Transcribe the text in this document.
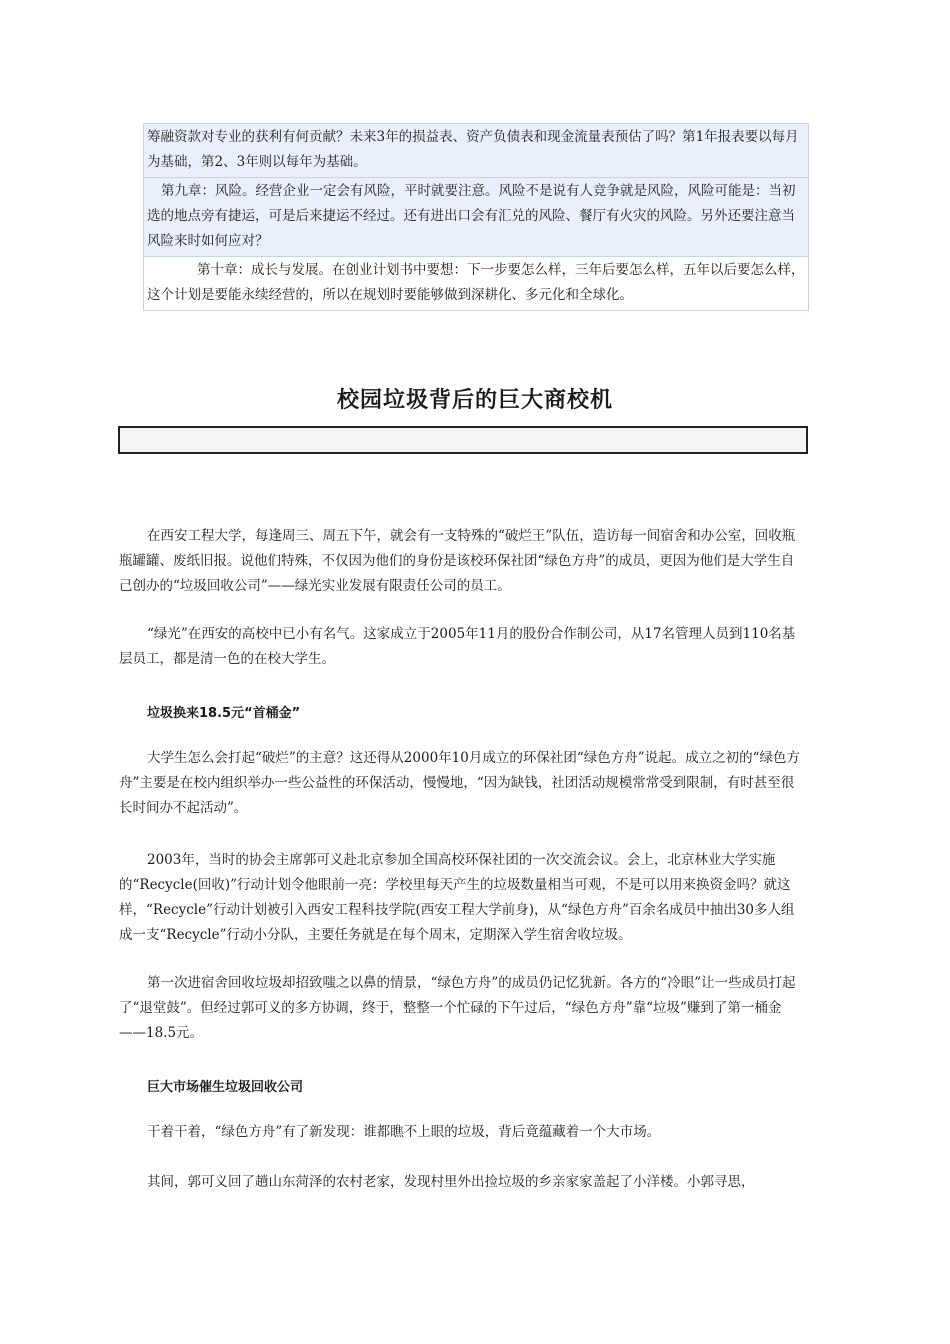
筹融资款对专业的获利有何贡献？未来3年的损益表、资产负债表和现金流量表预估了吗？第1年报表要以每月为基础，第2、3年则以每年为基础。
第九章：风险。经营企业一定会有风险，平时就要注意。风险不是说有人竞争就是风险，风险可能是：当初选的地点旁有捷运，可是后来捷运不经过。还有进出口会有汇兑的风险、餐厅有火灾的风险。另外还要注意当风险来时如何应对？
第十章：成长与发展。在创业计划书中要想：下一步要怎么样，三年后要怎么样，五年以后要怎么样，这个计划是要能永续经营的，所以在规划时要能够做到深耕化、多元化和全球化。
校园垃圾背后的巨大商校机

在西安工程大学，每逢周三、周五下午，就会有一支特殊的“破烂王”队伍，造访每一间宿舍和办公室，回收瓶瓶罐罐、废纸旧报。说他们特殊，不仅因为他们的身份是该校环保社团“绿色方舟”的成员，更因为他们是大学生自己创办的“垃圾回收公司”——绿光实业发展有限责任公司的员工。

“绿光”在西安的高校中已小有名气。这家成立于2005年11月的股份合作制公司，从17名管理人员到110名基层员工，都是清一色的在校大学生。

垃圾换来18.5元“首桶金”

大学生怎么会打起“破烂”的主意？这还得从2000年10月成立的环保社团“绿色方舟”说起。成立之初的“绿色方舟”主要是在校内组织举办一些公益性的环保活动，慢慢地，“因为缺钱，社团活动规模常常受到限制，有时甚至很长时间办不起活动”。

2003年，当时的协会主席郭可义赴北京参加全国高校环保社团的一次交流会议。会上，北京林业大学实施的“Recycle(回收)”行动计划令他眼前一亮：学校里每天产生的垃圾数量相当可观，不是可以用来换资金吗？就这样，“Recycle”行动计划被引入西安工程科技学院(西安工程大学前身)，从“绿色方舟”百余名成员中抽出30多人组成一支“Recycle”行动小分队，主要任务就是在每个周末，定期深入学生宿舍收垃圾。

第一次进宿舍回收垃圾却招致嗤之以鼻的情景，“绿色方舟”的成员仍记忆犹新。各方的“冷眼”让一些成员打起了“退堂鼓”。但经过郭可义的多方协调，终于，整整一个忙碌的下午过后，“绿色方舟”靠“垃圾”赚到了第一桶金——18.5元。

巨大市场催生垃圾回收公司

干着干着，“绿色方舟”有了新发现：谁都瞧不上眼的垃圾，背后竟蕴藏着一个大市场。

其间，郭可义回了趟山东菏泽的农村老家，发现村里外出捡垃圾的乡亲家家盖起了小洋楼。小郭寻思，
